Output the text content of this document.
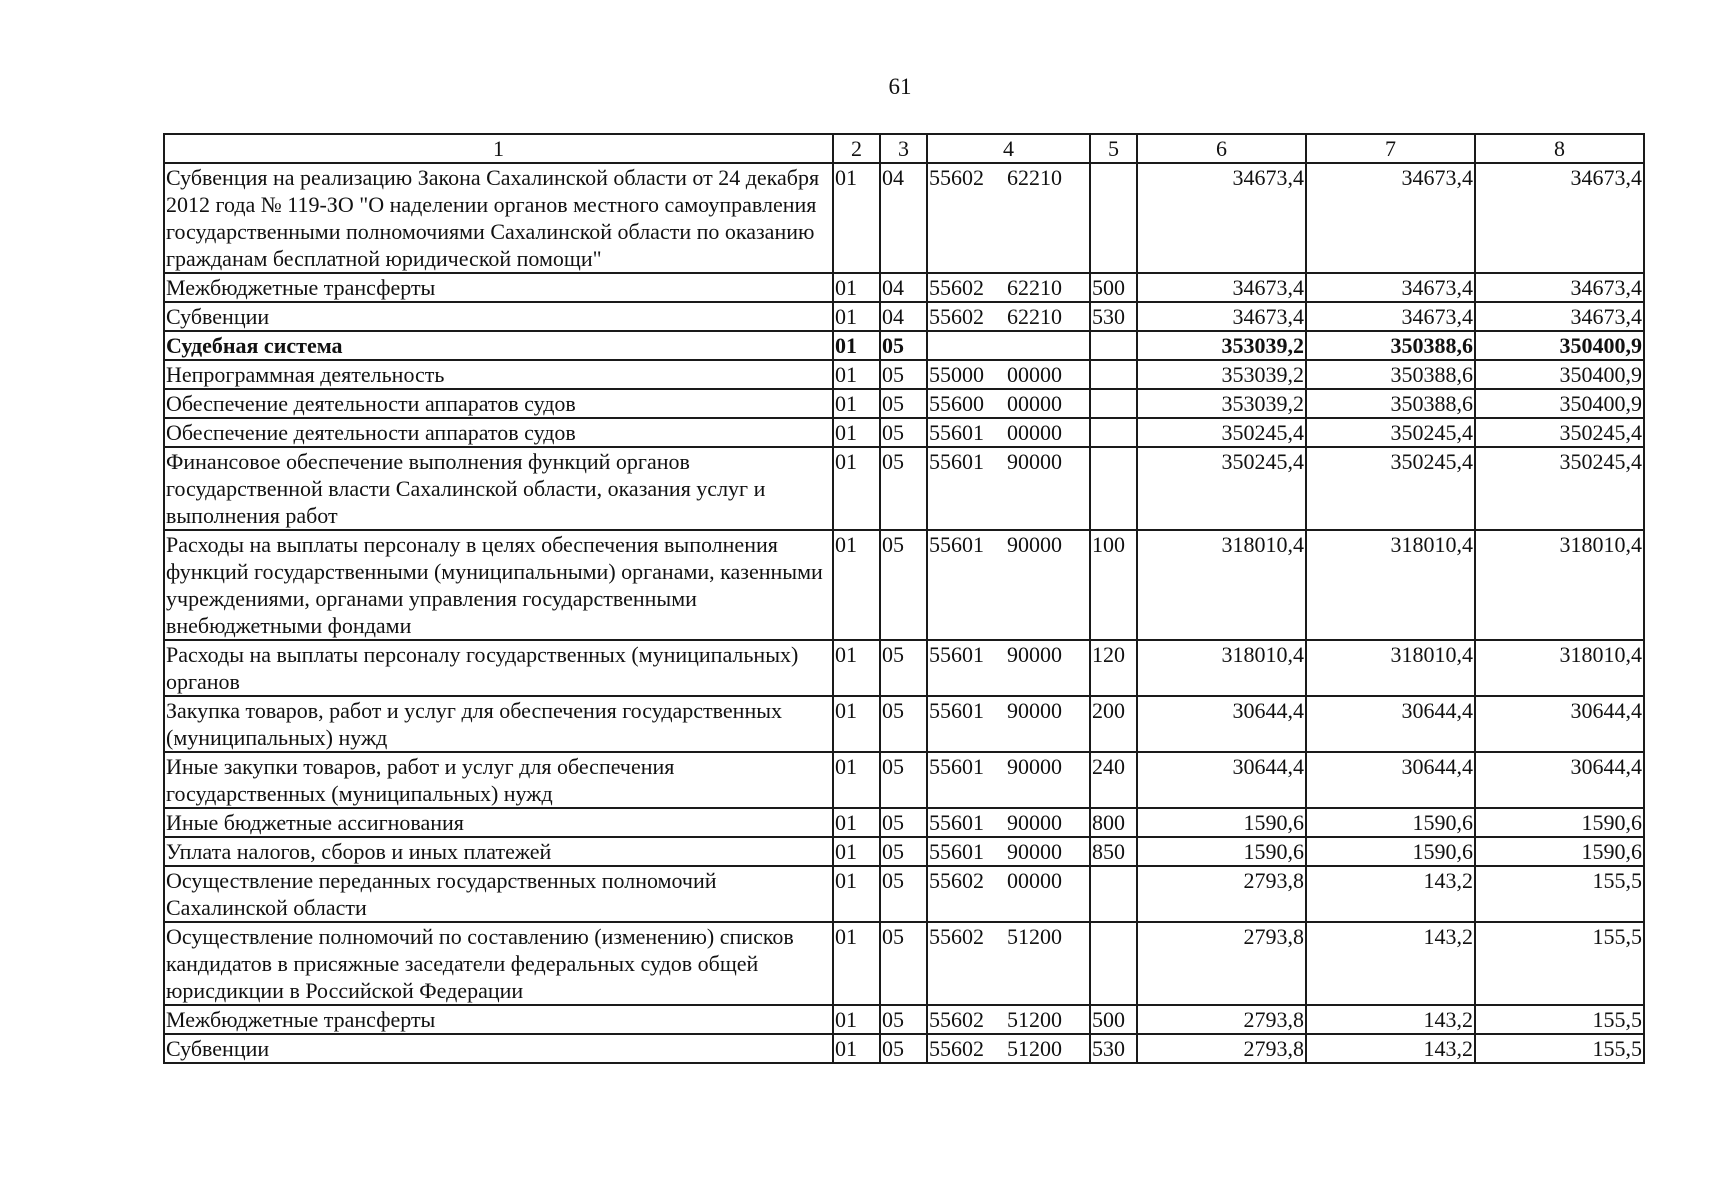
61
1	2	3	4	5	6	7	8
Субвенция на реализацию Закона Сахалинской области от 24 декабря 2012 года № 119-ЗО "О наделении органов местного самоуправления государственными полномочиями Сахалинской области по оказанию гражданам бесплатной юридической помощи"	01	04	55602 62210		34673,4	34673,4	34673,4
Межбюджетные трансферты	01	04	55602 62210	500	34673,4	34673,4	34673,4
Субвенции	01	04	55602 62210	530	34673,4	34673,4	34673,4
Судебная система	01	05			353039,2	350388,6	350400,9
Непрограммная деятельность	01	05	55000 00000		353039,2	350388,6	350400,9
Обеспечение деятельности аппаратов судов	01	05	55600 00000		353039,2	350388,6	350400,9
Обеспечение деятельности аппаратов судов	01	05	55601 00000		350245,4	350245,4	350245,4
Финансовое обеспечение выполнения функций органов государственной власти Сахалинской области, оказания услуг и выполнения работ	01	05	55601 90000		350245,4	350245,4	350245,4
Расходы на выплаты персоналу в целях обеспечения выполнения функций государственными (муниципальными) органами, казенными учреждениями, органами управления государственными внебюджетными фондами	01	05	55601 90000	100	318010,4	318010,4	318010,4
Расходы на выплаты персоналу государственных (муниципальных) органов	01	05	55601 90000	120	318010,4	318010,4	318010,4
Закупка товаров, работ и услуг для обеспечения государственных (муниципальных) нужд	01	05	55601 90000	200	30644,4	30644,4	30644,4
Иные закупки товаров, работ и услуг для обеспечения государственных (муниципальных) нужд	01	05	55601 90000	240	30644,4	30644,4	30644,4
Иные бюджетные ассигнования	01	05	55601 90000	800	1590,6	1590,6	1590,6
Уплата налогов, сборов и иных платежей	01	05	55601 90000	850	1590,6	1590,6	1590,6
Осуществление переданных государственных полномочий Сахалинской области	01	05	55602 00000		2793,8	143,2	155,5
Осуществление полномочий по составлению (изменению) списков кандидатов в присяжные заседатели федеральных судов общей юрисдикции в Российской Федерации	01	05	55602 51200		2793,8	143,2	155,5
Межбюджетные трансферты	01	05	55602 51200	500	2793,8	143,2	155,5
Субвенции	01	05	55602 51200	530	2793,8	143,2	155,5
